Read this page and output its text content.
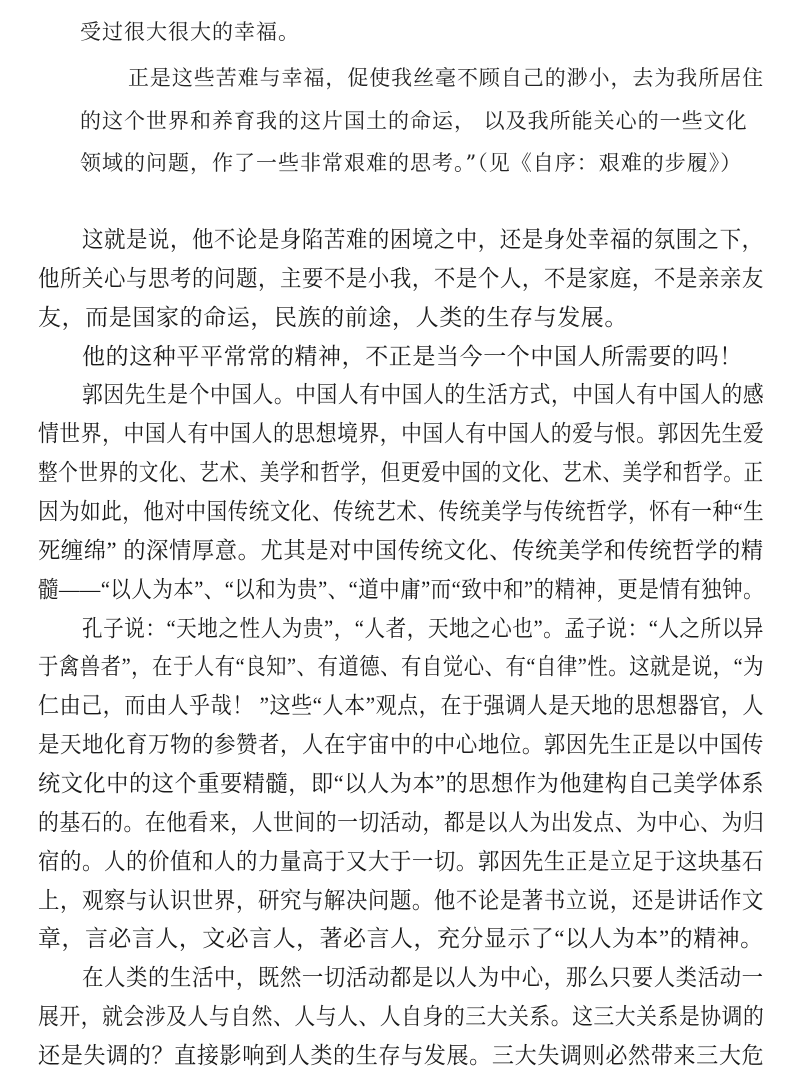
受过很大很大的幸福。
正是这些苦难与幸福，促使我丝毫不顾自己的渺小，去为我所居住
的这个世界和养育我的这片国土的命运， 以及我所能关心的一些文化
领域的问题，作了一些非常艰难的思考。”（见《自序：艰难的步履》）
这就是说，他不论是身陷苦难的困境之中，还是身处幸福的氛围之下，
他所关心与思考的问题，主要不是小我，不是个人，不是家庭，不是亲亲友
友，而是国家的命运，民族的前途，人类的生存与发展。
他的这种平平常常的精神，不正是当今一个中国人所需要的吗！
郭因先生是个中国人。中国人有中国人的生活方式，中国人有中国人的感
情世界，中国人有中国人的思想境界，中国人有中国人的爱与恨。郭因先生爱
整个世界的文化、艺术、美学和哲学，但更爱中国的文化、艺术、美学和哲学。正
因为如此，他对中国传统文化、传统艺术、传统美学与传统哲学，怀有一种“生
死缠绵” 的深情厚意。尤其是对中国传统文化、传统美学和传统哲学的精
髓——“以人为本”、“以和为贵”、“道中庸”而“致中和”的精神，更是情有独钟。
孔子说：“天地之性人为贵”，“人者，天地之心也”。孟子说：“人之所以异
于禽兽者”，在于人有“良知”、有道德、有自觉心、有“自律”性。这就是说，“为
仁由己，而由人乎哉！ ”这些“人本”观点，在于强调人是天地的思想器官，人
是天地化育万物的参赞者，人在宇宙中的中心地位。郭因先生正是以中国传
统文化中的这个重要精髓，即“以人为本”的思想作为他建构自己美学体系
的基石的。在他看来，人世间的一切活动，都是以人为出发点、为中心、为归
宿的。人的价值和人的力量高于又大于一切。郭因先生正是立足于这块基石
上，观察与认识世界，研究与解决问题。他不论是著书立说，还是讲话作文
章，言必言人，文必言人，著必言人，充分显示了“以人为本”的精神。
在人类的生活中，既然一切活动都是以人为中心，那么只要人类活动一
展开，就会涉及人与自然、人与人、人自身的三大关系。这三大关系是协调的
还是失调的？直接影响到人类的生存与发展。三大失调则必然带来三大危
